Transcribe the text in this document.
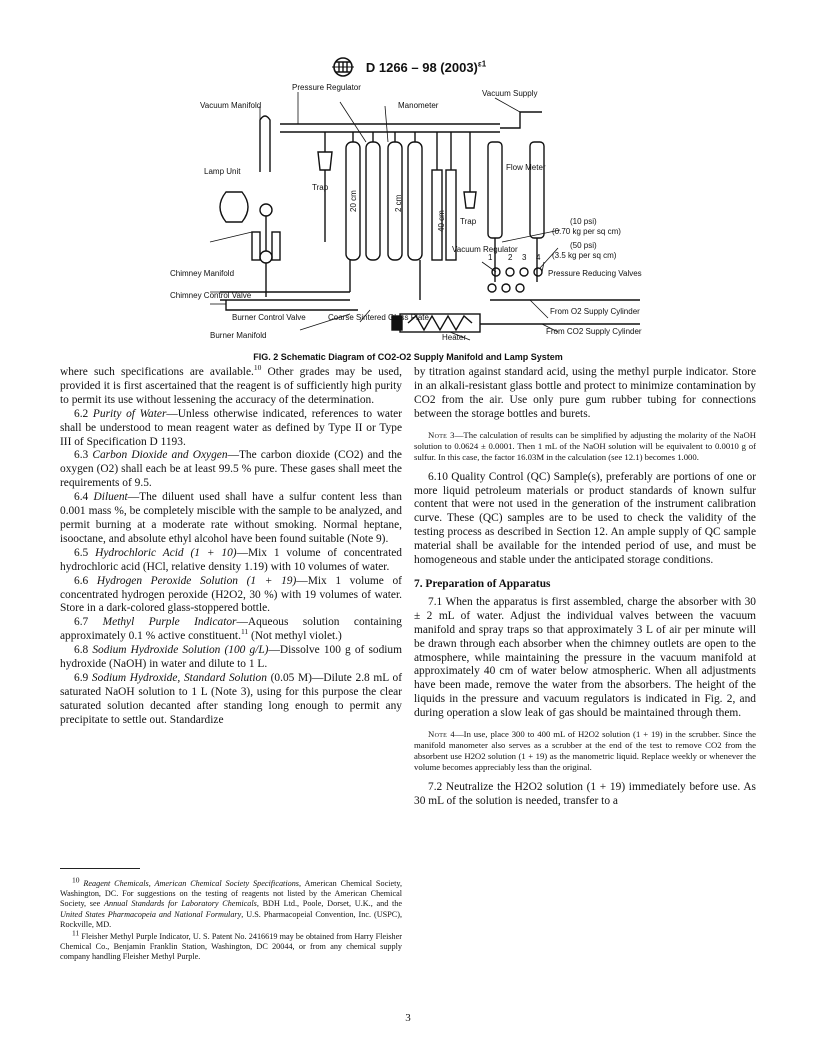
D 1266 – 98 $(2003)^{\varepsilon 1}$
Pressure Regulator
Vacuum Manifold	Manometer
Vacuum Supply
Lamp Unit
Trap
20 cm	2 cm
40 cm Trap
Flow Meter
(10 psi)
(0.70 kg per sq cm)
(50 psi)
(3.5 kg per sq cm)
Vacuum Regulator
Pressure Reducing Valves
Chimney Manifold
Chimney Control Valve
Burner Control Valve	Coarse Sintered Glass Plate
From O2 Supply Cylinder
From CO2 Supply Cylinder
Heater
Burner Manifold
1 2 3 4
FIG. 2 Schematic Diagram of CO2-O2 Supply Manifold and Lamp System

where such specifications are available.$^{10}$ Other grades may be used, provided it is first ascertained that the reagent is of sufficiently high purity to permit its use without lessening the accuracy of the determination.

6.2 Purity of Water—Unless otherwise indicated, references to water shall be understood to mean reagent water as defined by Type II or Type III of Specification D 1193.

6.3 Carbon Dioxide and Oxygen—The carbon dioxide (CO2) and the oxygen (O2) shall each be at least 99.5 % pure. These gases shall meet the requirements of 9.5.

6.4 Diluent—The diluent used shall have a sulfur content less than 0.001 mass %, be completely miscible with the sample to be analyzed, and permit burning at a moderate rate without smoking. Normal heptane, isooctane, and absolute ethyl alcohol have been found suitable (Note 9).

6.5 Hydrochloric Acid (1 + 10)—Mix 1 volume of concentrated hydrochloric acid (HCl, relative density 1.19) with 10 volumes of water.

6.6 Hydrogen Peroxide Solution (1 + 19)—Mix 1 volume of concentrated hydrogen peroxide (H2O2, 30 %) with 19 volumes of water. Store in a dark-colored glass-stoppered bottle.

6.7 Methyl Purple Indicator—Aqueous solution containing approximately 0.1 % active constituent.$^{11}$ (Not methyl violet.)

6.8 Sodium Hydroxide Solution (100 g/L)—Dissolve 100 g of sodium hydroxide (NaOH) in water and dilute to 1 L.

6.9 Sodium Hydroxide, Standard Solution (0.05 M)—Dilute 2.8 mL of saturated NaOH solution to 1 L (Note 3), using for this purpose the clear saturated solution decanted after standing long enough to permit any precipitate to settle out. Standardize

by titration against standard acid, using the methyl purple indicator. Store in an alkali-resistant glass bottle and protect to minimize contamination by CO2 from the air. Use only pure gum rubber tubing for connections between the storage bottles and burets.

Note 3—The calculation of results can be simplified by adjusting the molarity of the NaOH solution to 0.0624 ± 0.0001. Then 1 mL of the NaOH solution will be equivalent to 0.0010 g of sulfur. In this case, the factor 16.03M in the calculation (see 12.1) becomes 1.000.

6.10 Quality Control (QC) Sample(s), preferably are portions of one or more liquid petroleum materials or product standards of known sulfur content that were not used in the generation of the instrument calibration curve. These (QC) samples are to be used to check the validity of the testing process as described in Section 12. An ample supply of QC sample material shall be available for the intended period of use, and must be homogeneous and stable under the anticipated storage conditions.

7. Preparation of Apparatus

7.1 When the apparatus is first assembled, charge the absorber with 30 ± 2 mL of water. Adjust the individual valves between the vacuum manifold and spray traps so that approximately 3 L of air per minute will be drawn through each absorber when the chimney outlets are open to the atmosphere, while maintaining the pressure in the vacuum manifold at approximately 40 cm of water below atmospheric. When all adjustments have been made, remove the water from the absorbers. The height of the liquids in the pressure and vacuum regulators is indicated in Fig. 2, and during operation a slow leak of gas should be maintained through them.

Note 4—In use, place 300 to 400 mL of H2O2 solution (1 + 19) in the scrubber. Since the manifold manometer also serves as a scrubber at the end of the test to remove CO2 from the absorbent use H2O2 solution (1 + 19) as the manometric liquid. Replace weekly or whenever the volume becomes appreciably less than the original.

7.2 Neutralize the H2O2 solution (1 + 19) immediately before use. As 30 mL of the solution is needed, transfer to a

$^{10}$ Reagent Chemicals, American Chemical Society Specifications, American Chemical Society, Washington, DC. For suggestions on the testing of reagents not listed by the American Chemical Society, see Annual Standards for Laboratory Chemicals, BDH Ltd., Poole, Dorset, U.K., and the United States Pharmacopeia and National Formulary, U.S. Pharmacopeial Convention, Inc. (USPC), Rockville, MD.

$^{11}$ Fleisher Methyl Purple Indicator, U. S. Patent No. 2416619 may be obtained from Harry Fleisher Chemical Co., Benjamin Franklin Station, Washington, DC 20044, or from any chemical supply company handling Fleisher Methyl Purple.

3
